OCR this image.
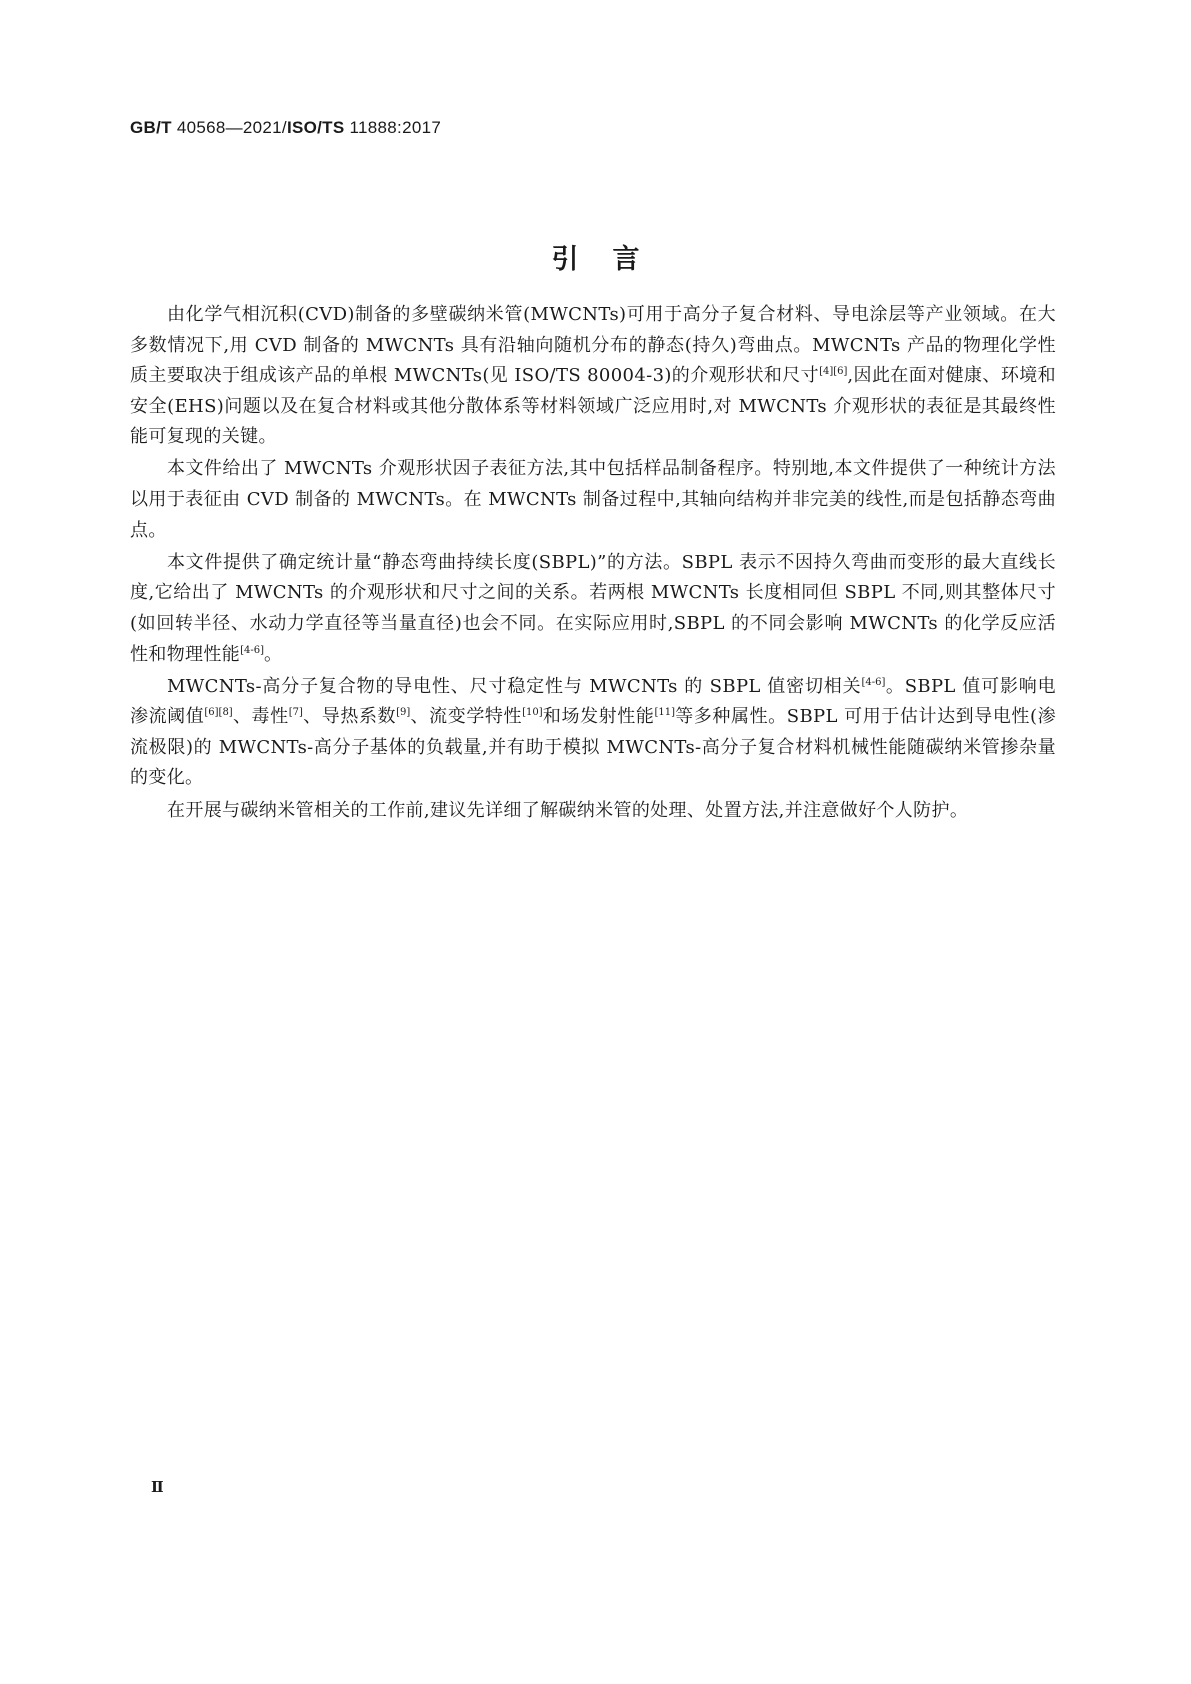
GB/T 40568—2021/ISO/TS 11888:2017
引言

由化学气相沉积(CVD)制备的多壁碳纳米管(MWCNTs)可用于高分子复合材料、导电涂层等产业领域。在大多数情况下,用 CVD 制备的 MWCNTs 具有沿轴向随机分布的静态(持久)弯曲点。MWCNTs 产品的物理化学性质主要取决于组成该产品的单根 MWCNTs(见 ISO/TS 80004-3)的介观形状和尺寸[4][6],因此在面对健康、环境和安全(EHS)问题以及在复合材料或其他分散体系等材料领域广泛应用时,对 MWCNTs 介观形状的表征是其最终性能可复现的关键。

本文件给出了 MWCNTs 介观形状因子表征方法,其中包括样品制备程序。特别地,本文件提供了一种统计方法以用于表征由 CVD 制备的 MWCNTs。在 MWCNTs 制备过程中,其轴向结构并非完美的线性,而是包括静态弯曲点。

本文件提供了确定统计量“静态弯曲持续长度(SBPL)”的方法。SBPL 表示不因持久弯曲而变形的最大直线长度,它给出了 MWCNTs 的介观形状和尺寸之间的关系。若两根 MWCNTs 长度相同但 SBPL 不同,则其整体尺寸(如回转半径、水动力学直径等当量直径)也会不同。在实际应用时,SBPL 的不同会影响 MWCNTs 的化学反应活性和物理性能[4-6]。

MWCNTs-高分子复合物的导电性、尺寸稳定性与 MWCNTs 的 SBPL 值密切相关[4-6]。SBPL 值可影响电渗流阈值[6][8]、毒性[7]、导热系数[9]、流变学特性[10]和场发射性能[11]等多种属性。SBPL 可用于估计达到导电性(渗流极限)的 MWCNTs-高分子基体的负载量,并有助于模拟 MWCNTs-高分子复合材料机械性能随碳纳米管掺杂量的变化。

在开展与碳纳米管相关的工作前,建议先详细了解碳纳米管的处理、处置方法,并注意做好个人防护。

Ⅱ
